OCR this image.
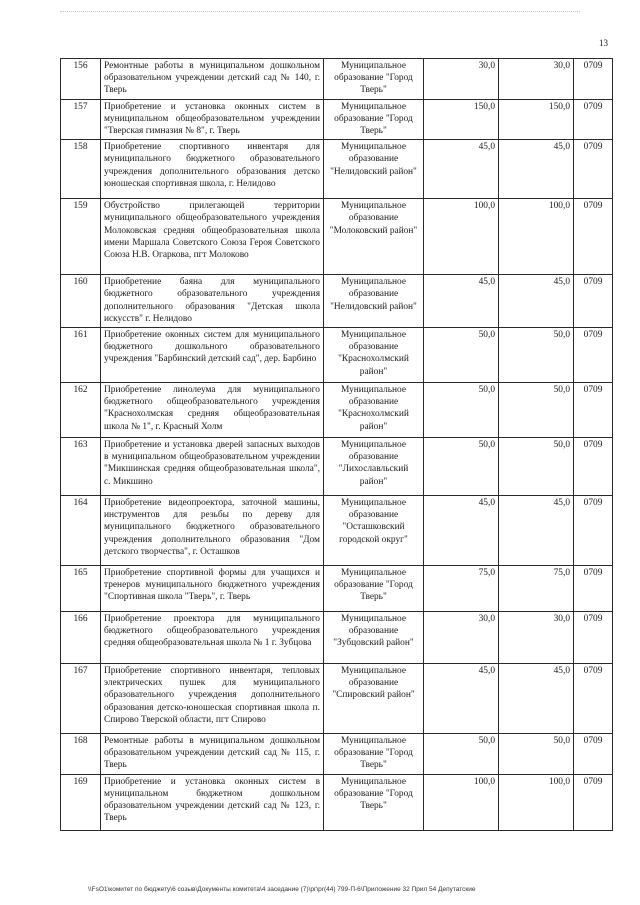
13
156	Ремонтные работы в муниципальном дошкольном образовательном учреждении детский сад № 140, г. Тверь	Муниципальное образование "Город Тверь"	30,0	30,0	0709
157	Приобретение и установка оконных систем в муниципальном общеобразовательном учреждении "Тверская гимназия № 8", г. Тверь	Муниципальное образование "Город Тверь"	150,0	150,0	0709
158	Приобретение спортивного инвентаря для муниципального бюджетного образовательного учреждения дополнительного образования детско юношеская спортивная школа, г. Нелидово	Муниципальное образование "Нелидовский район"	45,0	45,0	0709
159	Обустройство прилегающей территории муниципального общеобразовательного учреждения Молоковская средняя общеобразовательная школа имени Маршала Советского Союза Героя Советского Союза Н.В. Огаркова, пгт Молоково	Муниципальное образование "Молоковский район"	100,0	100,0	0709
160	Приобретение баяна для муниципального бюджетного образовательного учреждения дополнительного образования "Детская школа искусств" г. Нелидово	Муниципальное образование "Нелидовский район"	45,0	45,0	0709
161	Приобретение оконных систем для муниципального бюджетного дошкольного образовательного учреждения "Барбинский детский сад", дер. Барбино	Муниципальное образование "Краснохолмский район"	50,0	50,0	0709
162	Приобретение линолеума для муниципального бюджетного общеобразовательного учреждения "Краснохолмская средняя общеобразовательная школа № 1", г. Красный Холм	Муниципальное образование "Краснохолмский район"	50,0	50,0	0709
163	Приобретение и установка дверей запасных выходов в муниципальном общеобразовательном учреждении "Микшинская средняя общеобразовательная школа", с. Микшино	Муниципальное образование "Лихославльский район"	50,0	50,0	0709
164	Приобретение видеопроектора, заточной машины, инструментов для резьбы по дереву для муниципального бюджетного образовательного учреждения дополнительного образования "Дом детского творчества", г. Осташков	Муниципальное образование "Осташковский городской округ"	45,0	45,0	0709
165	Приобретение спортивной формы для учащихся и тренеров муниципального бюджетного учреждения "Спортивная школа "Тверь", г. Тверь	Муниципальное образование "Город Тверь"	75,0	75,0	0709
166	Приобретение проектора для муниципального бюджетного общеобразовательного учреждения средняя общеобразовательная школа № 1 г. Зубцова	Муниципальное образование "Зубцовский район"	30,0	30,0	0709
167	Приобретение спортивного инвентаря, тепловых электрических пушек для муниципального образовательного учреждения дополнительного образования детско-юношеская спортивная школа п. Спирово Тверской области, пгт Спирово	Муниципальное образование "Спировский район"	45,0	45,0	0709
168	Ремонтные работы в муниципальном дошкольном образовательном учреждении детский сад № 115, г. Тверь	Муниципальное образование "Город Тверь"	50,0	50,0	0709
169	Приобретение и установка оконных систем в муниципальном бюджетном дошкольном образовательном учреждении детский сад № 123, г. Тверь	Муниципальное образование "Город Тверь"	100,0	100,0	0709
\\FsO1\комитет по бюджету\6 созыв\Документы комитета\4 заседание (7)\рг\pr(44) 799-П-6\Приложение 32 Прил 54 Депутатские
